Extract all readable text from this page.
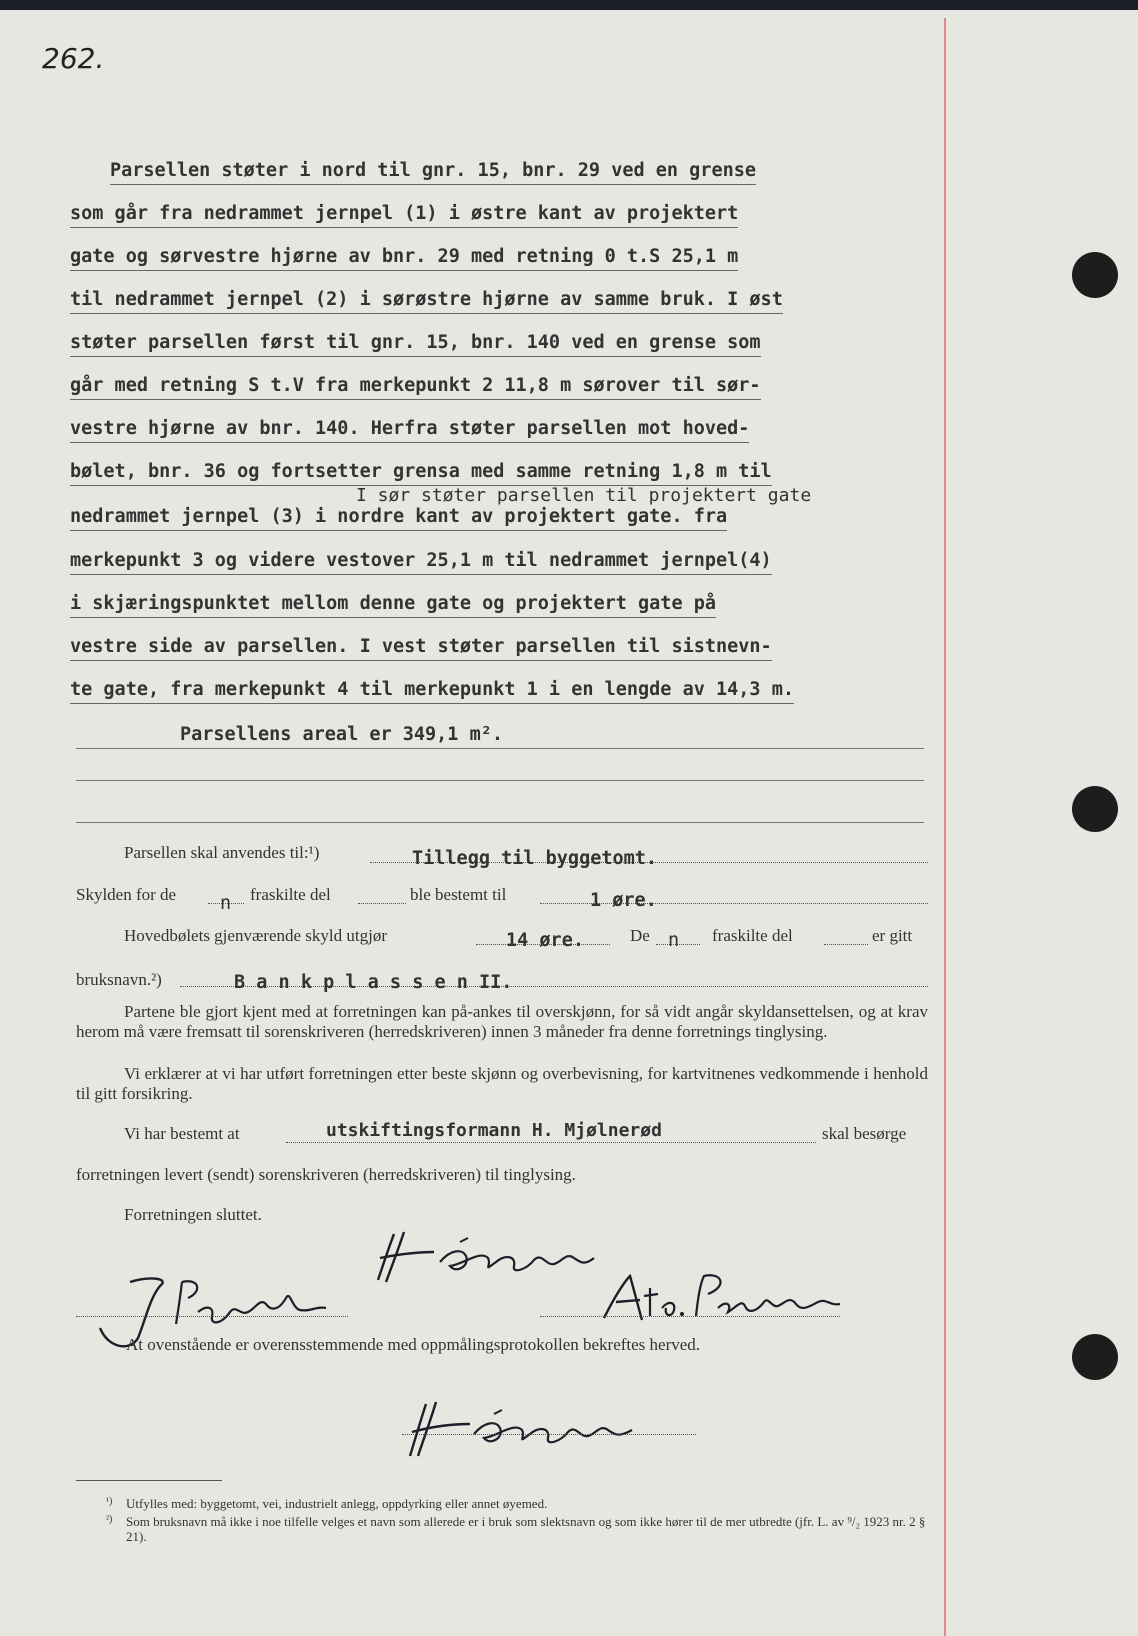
262.
Parsellen støter i nord til gnr. 15, bnr. 29 ved en grense
som går fra nedrammet jernpel (1) i østre kant av projektert
gate og sørvestre hjørne av bnr. 29 med retning 0 t.S 25,1 m
til nedrammet jernpel (2) i sørøstre hjørne av samme bruk. I øst
støter parsellen først til gnr. 15, bnr. 140 ved en grense som
går med retning S t.V fra merkepunkt 2 11,8 m sørover til sør-
vestre hjørne av bnr. 140. Herfra støter parsellen mot hoved-
bølet, bnr. 36 og fortsetter grensa med samme retning 1,8 m til
I sør støter parsellen til projektert gate
nedrammet jernpel (3) i nordre kant av projektert gate. fra
merkepunkt 3 og videre vestover 25,1 m til nedrammet jernpel(4)
i skjæringspunktet mellom denne gate og projektert gate på
vestre side av parsellen. I vest støter parsellen til sistnevn-
te gate, fra merkepunkt 4 til merkepunkt 1 i en lengde av 14,3 m.
Parsellens areal er 349,1 m².
Parsellen skal anvendes til:¹)	Tillegg til byggetomt.
Skylden for de n fraskilte del	ble bestemt til	1 øre.
Hovedbølets gjenværende skyld utgjør	14 øre.	De n fraskilte del	er gitt
bruksnavn.²)	B a n k p l a s s e n II.
Partene ble gjort kjent med at forretningen kan på-ankes til overskjønn, for så vidt angår skyldansettelsen, og at krav herom må være fremsatt til sorenskriveren (herredskriveren) innen 3 måneder fra denne forretnings tinglysing.
Vi erklærer at vi har utført forretningen etter beste skjønn og overbevisning, for kartvitnenes vedkommende i henhold til gitt forsikring.
Vi har bestemt at	utskiftingsformann H. Mjølnerød	skal besørge
forretningen levert (sendt) sorenskriveren (herredskriveren) til tinglysing.
Forretningen sluttet.
At ovenstående er overensstemmende med oppmålingsprotokollen bekreftes herved.
¹) Utfylles med: byggetomt, vei, industrielt anlegg, oppdyrking eller annet øyemed.
²) Som bruksnavn må ikke i noe tilfelle velges et navn som allerede er i bruk som slektsnavn og som ikke hører til de mer utbredte (jfr. L. av ⁹/₂ 1923 nr. 2 § 21).
